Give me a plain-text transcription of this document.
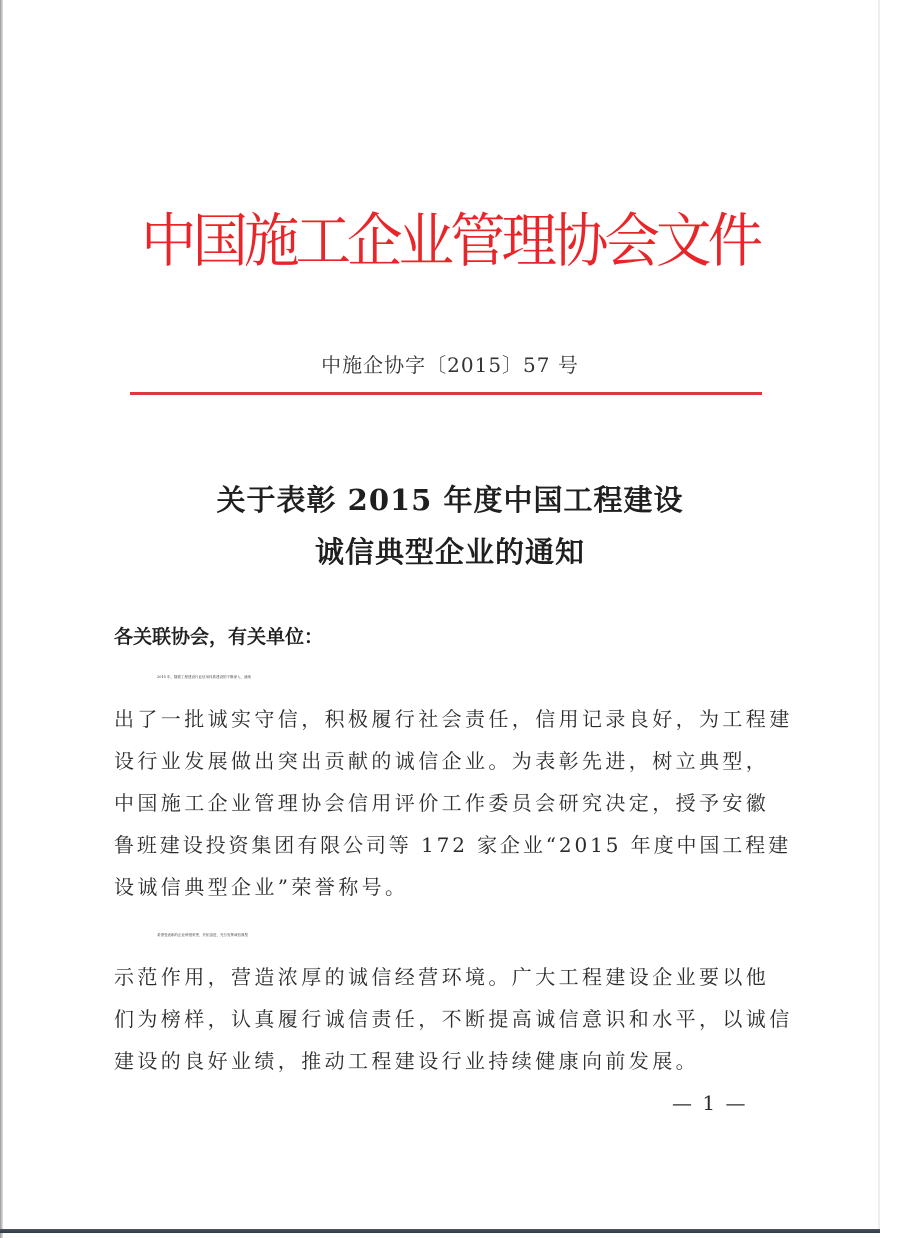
中国施工企业管理协会文件
中施企协字〔2015〕57 号
关于表彰 2015 年度中国工程建设
诚信典型企业的通知
各关联协会，有关单位：
2015 年，随着工程建设行业信用体系建设的不断深入，涌现
出了一批诚实守信，积极履行社会责任，信用记录良好，为工程建
设行业发展做出突出贡献的诚信企业。为表彰先进，树立典型，
中国施工企业管理协会信用评价工作委员会研究决定，授予安徽
鲁班建设投资集团有限公司等 172 家企业“2015 年度中国工程建
设诚信典型企业”荣誉称号。
希望受表彰的企业珍惜荣誉，开拓奋进，充分发挥诚信典型
示范作用，营造浓厚的诚信经营环境。广大工程建设企业要以他
们为榜样，认真履行诚信责任，不断提高诚信意识和水平，以诚信
建设的良好业绩，推动工程建设行业持续健康向前发展。
— 1 —
